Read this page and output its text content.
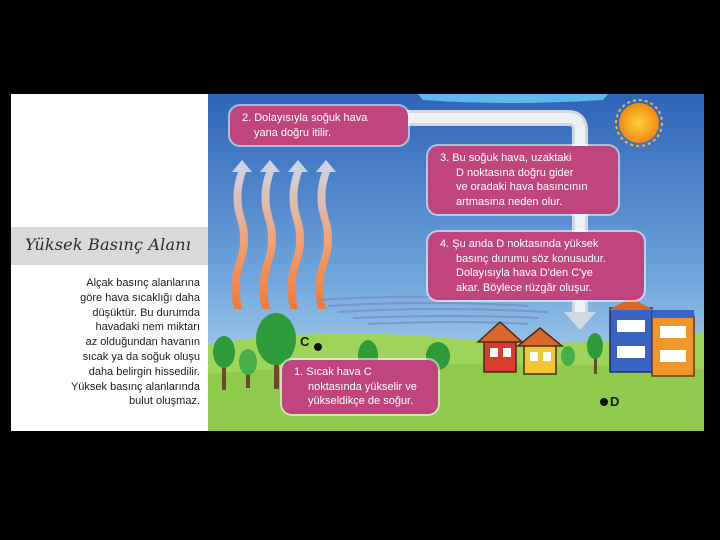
Yüksek Basınç Alanı
Alçak basınç alanlarına
göre hava sıcaklığı daha
düşüktür. Bu durumda
havadaki nem miktarı
az olduğundan havanın
sıcak ya da soğuk oluşu
daha belirgin hissedilir.
Yüksek basınç alanlarında
bulut oluşmaz.
C
D
2. Dolayısıyla soğuk hava
yana doğru itilir.
3. Bu soğuk hava, uzaktaki
D noktasına doğru gider
ve oradaki hava basıncının
artmasına neden olur.
4. Şu anda D noktasında yüksek
basınç durumu söz konusudur.
Dolayısıyla hava D'den C'ye
akar. Böylece rüzgâr oluşur.
1. Sıcak hava C
noktasında yükselir ve
yükseldikçe de soğur.
